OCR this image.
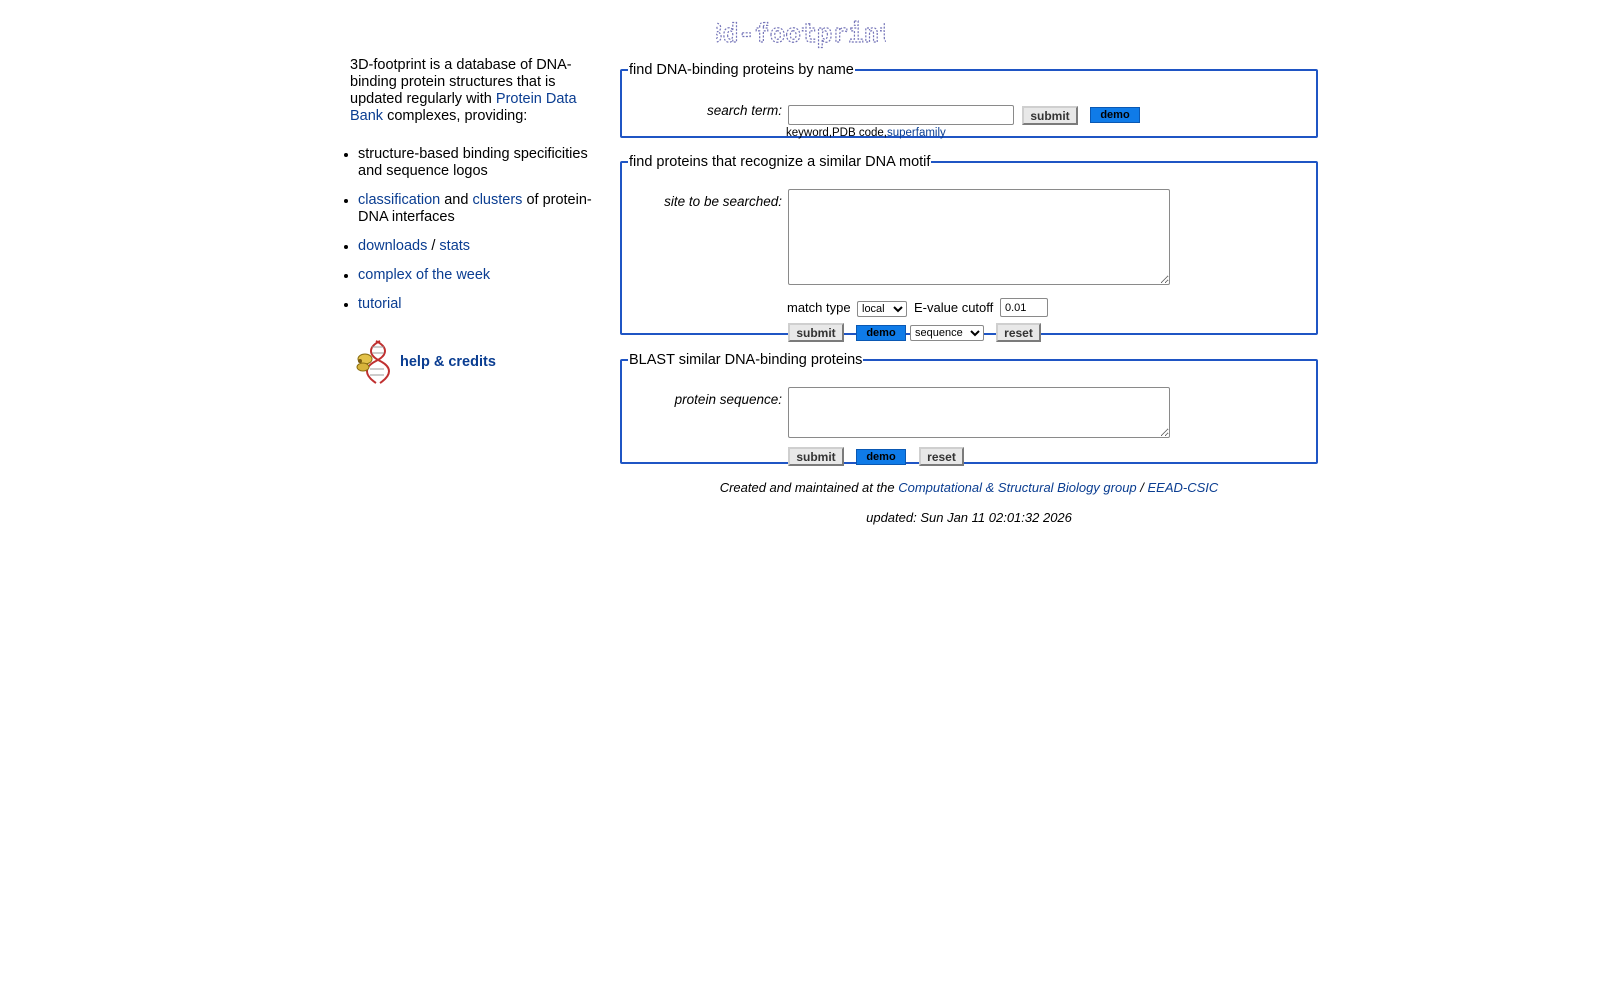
3d-footprint
3D-footprint is a database of DNA-binding protein structures that is updated regularly with Protein Data Bank complexes, providing:
• structure-based binding specificities and sequence logos
• classification and clusters of protein-DNA interfaces
• downloads / stats
• complex of the week
• tutorial
help & credits
find DNA-binding proteins by name
search term:	submit	demo
keyword,PDB code,superfamily
find proteins that recognize a similar DNA motif
site to be searched:
match type
local	E-value cutoff
0.01
submit	demo
sequence	reset
BLAST similar DNA-binding proteins
protein sequence:
submit	demo	reset
Created and maintained at the Computational & Structural Biology group / EEAD-CSIC
updated: Sun Jan 11 02:01:32 2026
